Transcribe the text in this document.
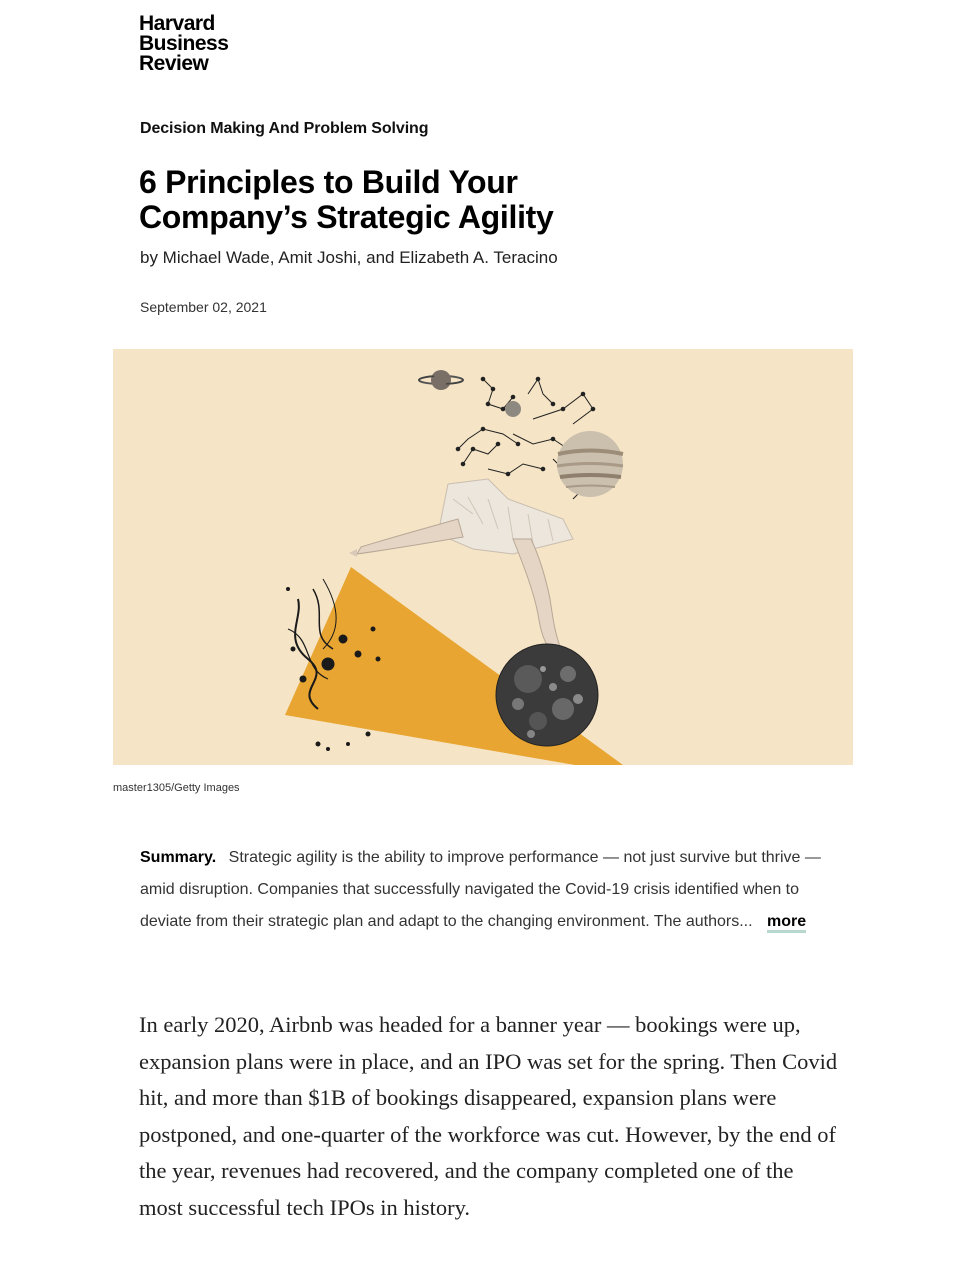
Harvard
Business
Review
Decision Making And Problem Solving
6 Principles to Build Your
Company’s Strategic Agility
by Michael Wade, Amit Joshi, and Elizabeth A. Teracino
September 02, 2021
master1305/Getty Images
Summary. Strategic agility is the ability to improve performance — not just survive but thrive — amid disruption. Companies that successfully navigated the Covid-19 crisis identified when to deviate from their strategic plan and adapt to the changing environment. The authors... more

In early 2020, Airbnb was headed for a banner year — bookings were up, expansion plans were in place, and an IPO was set for the spring. Then Covid hit, and more than $1B of bookings disappeared, expansion plans were postponed, and one-quarter of the workforce was cut. However, by the end of the year, revenues had recovered, and the company completed one of the most successful tech IPOs in history.
